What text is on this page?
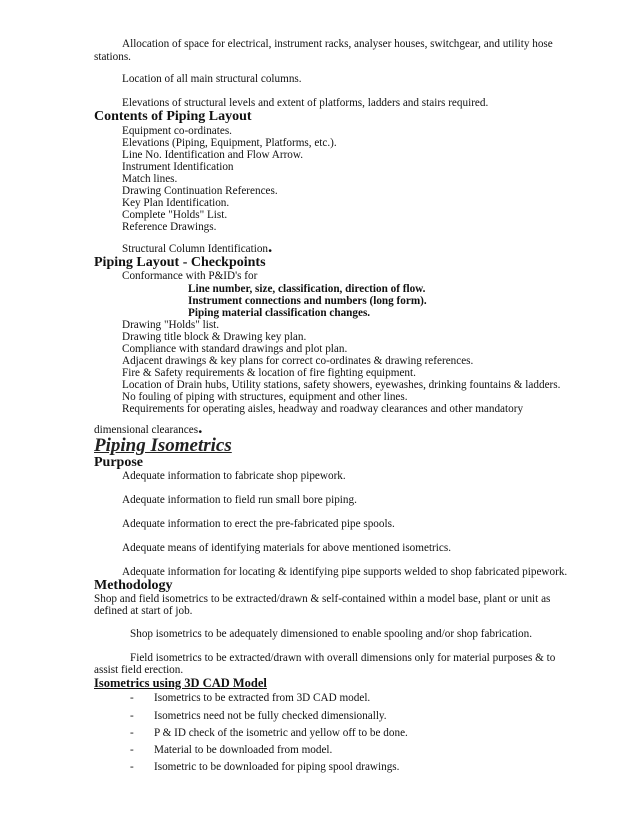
Allocation of space for electrical, instrument racks, analyser houses, switchgear, and utility hose
stations.
Location of all main structural columns.
Elevations of structural levels and extent of platforms, ladders and stairs required.
Contents of Piping Layout
Equipment co-ordinates.
Elevations (Piping, Equipment, Platforms, etc.).
Line No. Identification and Flow Arrow.
Instrument Identification
Match lines.
Drawing Continuation References.
Key Plan Identification.
Complete "Holds" List.
Reference Drawings.
Structural Column Identification.
Piping Layout - Checkpoints
Conformance with P&ID's for
Line number, size, classification, direction of flow.
Instrument connections and numbers (long form).
Piping material classification changes.
Drawing "Holds" list.
Drawing title block & Drawing key plan.
Compliance with standard drawings and plot plan.
Adjacent drawings & key plans for correct co-ordinates & drawing references.
Fire & Safety requirements & location of fire fighting equipment.
Location of Drain hubs, Utility stations, safety showers, eyewashes, drinking fountains & ladders.
No fouling of piping with structures, equipment and other lines.
Requirements for operating aisles, headway and roadway clearances and other mandatory
dimensional clearances.
Piping Isometrics
Purpose
Adequate information to fabricate shop pipework.
Adequate information to field run small bore piping.
Adequate information to erect the pre-fabricated pipe spools.
Adequate means of identifying materials for above mentioned isometrics.
Adequate information for locating & identifying pipe supports welded to shop fabricated pipework.
Methodology
Shop and field isometrics to be extracted/drawn & self-contained within a model base, plant or unit as
defined at start of job.
Shop isometrics to be adequately dimensioned to enable spooling and/or shop fabrication.
Field isometrics to be extracted/drawn with overall dimensions only for material purposes & to
assist field erection.
Isometrics using 3D CAD Model
- Isometrics to be extracted from 3D CAD model.
- Isometrics need not be fully checked dimensionally.
- P & ID check of the isometric and yellow off to be done.
- Material to be downloaded from model.
- Isometric to be downloaded for piping spool drawings.
